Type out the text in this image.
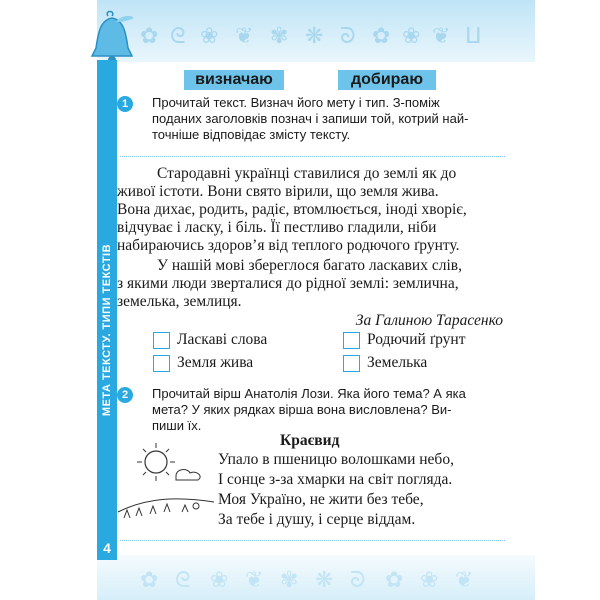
✿ ᘓ ❀ ❦ ✾ ❋ ᘐ ✿ ❀ ❦ ⵡ
✿ ᘓ ❀ ❦ ✾ ❋ ᘐ ✿ ❀ ❦
МЕТА ТЕКСТУ. ТИПИ ТЕКСТІВ
4
визначаю	добираю
1	Прочитай текст. Визнач його мету і тип. З-поміж
поданих заголовків познач і запиши той, котрий най-
точніше відповідає змісту тексту.
Стародавні українці ставилися до землі як до
живої істоти. Вони свято вірили, що земля жива.
Вона дихає, родить, радіє, втомлюється, іноді хворіє,
відчуває і ласку, і біль. Її пестливо гладили, ніби
набираючись здоров’я від теплого родючого ґрунту.
У нашій мові збереглося багато ласкавих слів,
з якими люди зверталися до рідної землі: землична,
земелька, землиця.
За Галиною Тарасенко
Ласкаві слова	Родючий ґрунт
Земля жива	Земелька
2	Прочитай вірш Анатолія Лози. Яка його тема? А яка
мета? У яких рядках вірша вона висловлена? Ви-
пиши їх.
Краєвид
Упало в пшеницю волошками небо,
І сонце з-за хмарки на світ погляда.
Моя Україно, не жити без тебе,
За тебе і душу, і серце віддам.
